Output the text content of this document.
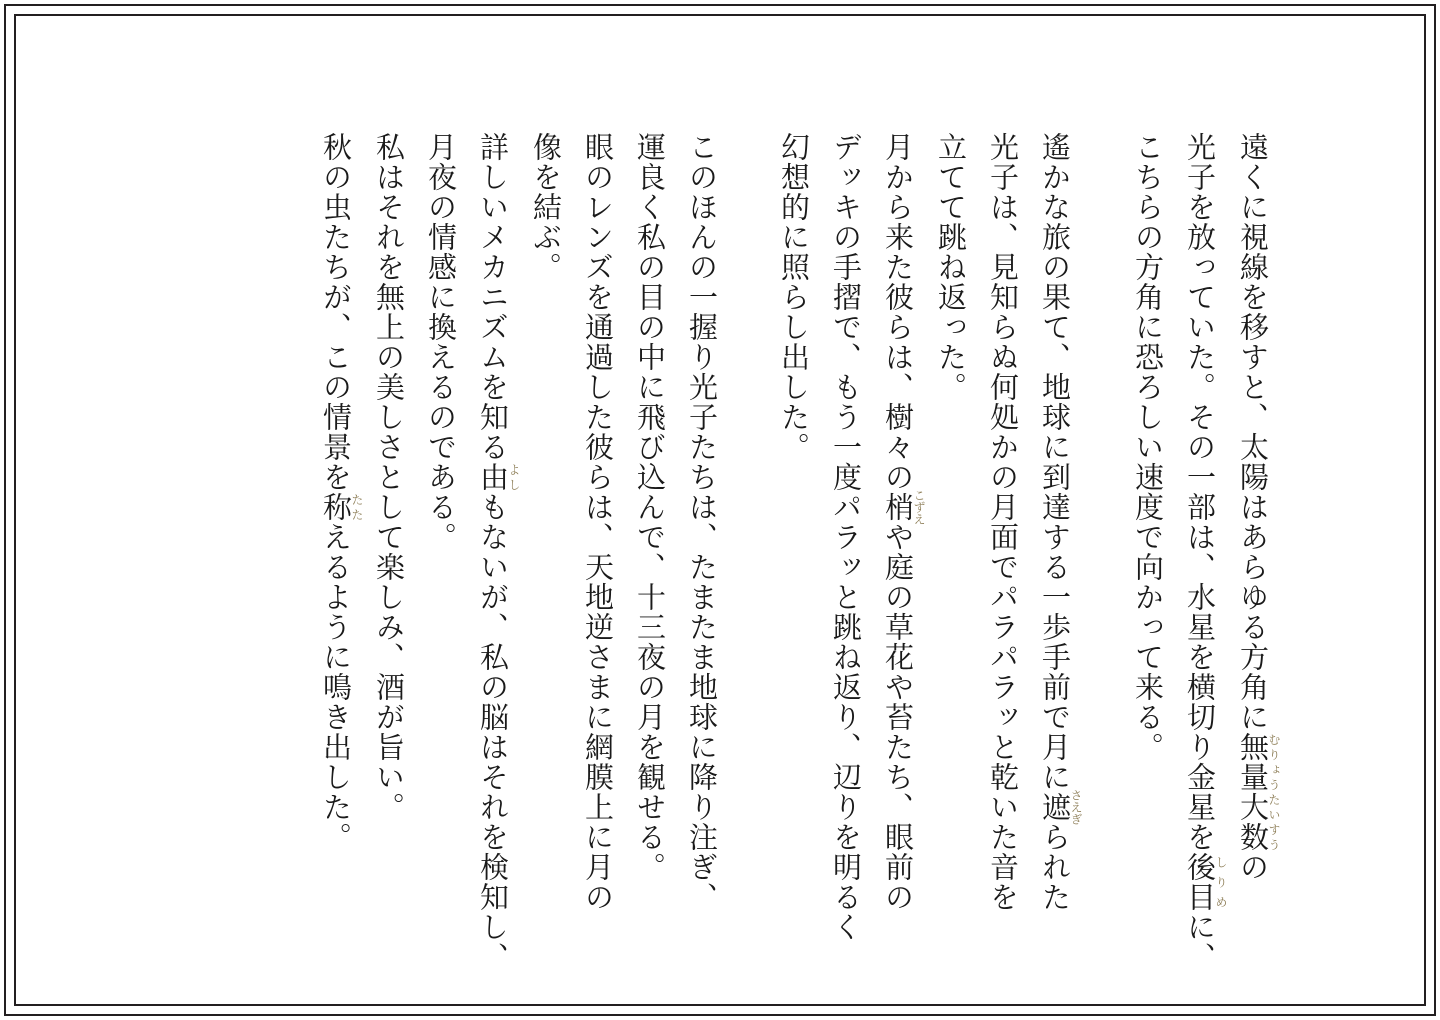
遠くに視線を移すと、太陽はあらゆる方角に無量大数むりょうたいすうの
光子を放っていた。その一部は、水星を横切り金星を後目しりめに、
こちらの方角に恐ろしい速度で向かって来る。
遙かな旅の果て、地球に到達する一歩手前で月に遮さえぎられた
光子は、見知らぬ何処かの月面でパラパラッと乾いた音を
立てて跳ね返った。
月から来た彼らは、樹々の梢こずえや庭の草花や苔たち、眼前の
デッキの手摺で、もう一度パラッと跳ね返り、辺りを明るく
幻想的に照らし出した。
このほんの一握り光子たちは、たまたま地球に降り注ぎ、
運良く私の目の中に飛び込んで、十三夜の月を観せる。
眼のレンズを通過した彼らは、天地逆さまに網膜上に月の
像を結ぶ。
詳しいメカニズムを知る由よしもないが、私の脳はそれを検知し、
月夜の情感に換えるのである。
私はそれを無上の美しさとして楽しみ、酒が旨い。
秋の虫たちが、この情景を称たたえるように鳴き出した。
